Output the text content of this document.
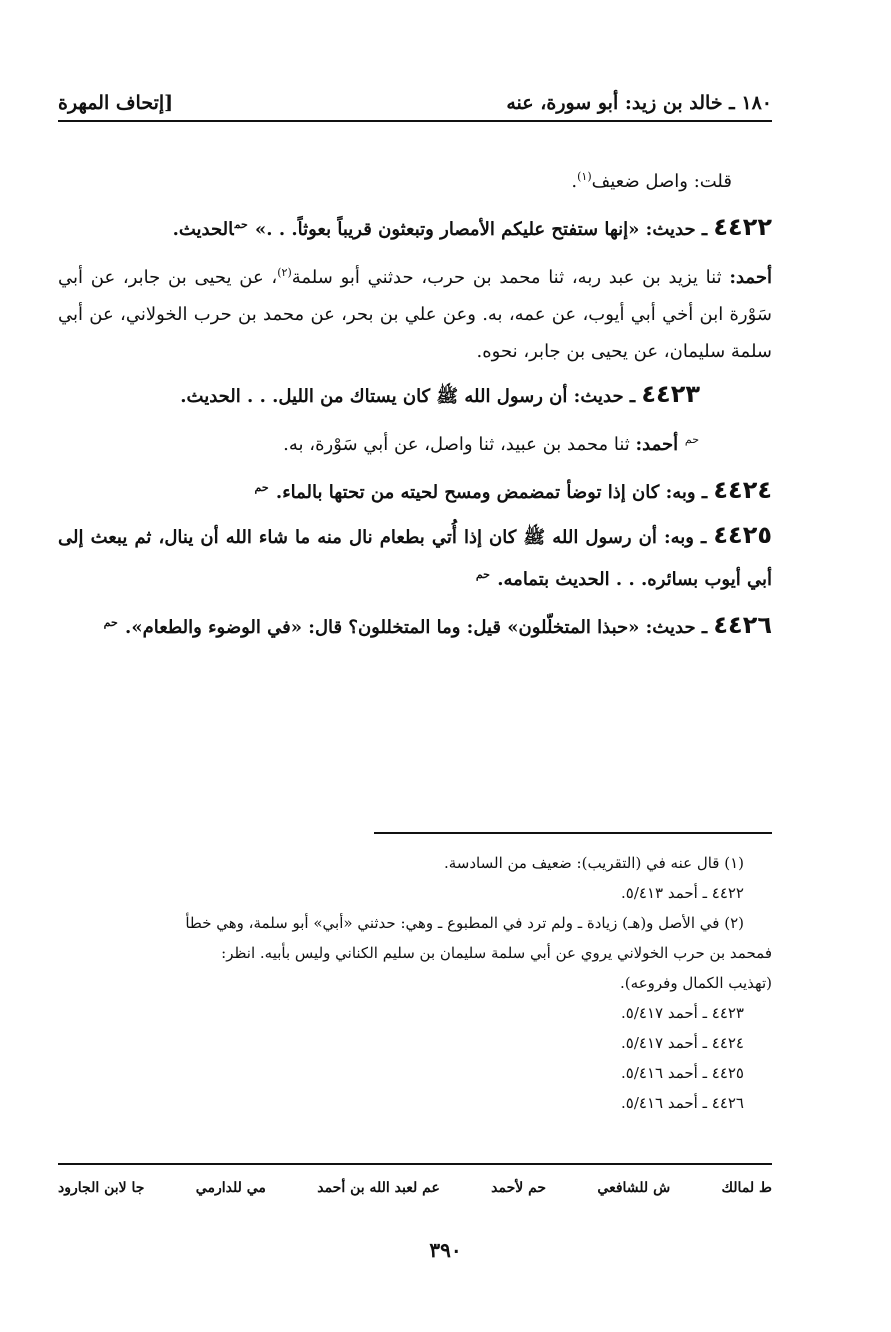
١٨٠ ـ خالد بن زيد: أبو سورة، عنه
[إتحاف المهرة

قلت: واصل ضعيف$^{(١)}$.

٤٤٢٢ ـ حديث: «إنها ستفتح عليكم الأمصار وتبعثون قريباً بعوثاً. . .» $^{حم}$الحديث.

أحمد: ثنا يزيد بن عبد ربه، ثنا محمد بن حرب، حدثني أبو سلمة$^{(٢)}$، عن يحيى بن جابر، عن أبي سَوْرة ابن أخي أبي أيوب، عن عمه، به. وعن علي بن بحر، عن محمد بن حرب الخولاني، عن أبي سلمة سليمان، عن يحيى بن جابر، نحوه.

٤٤٢٣ ـ حديث: أن رسول الله ﷺ كان يستاك من الليل. . . الحديث.

$^{حم}$ أحمد: ثنا محمد بن عبيد، ثنا واصل، عن أبي سَوْرة، به.

٤٤٢٤ ـ وبه: كان إذا توضأ تمضمض ومسح لحيته من تحتها بالماء. $^{حم}$

٤٤٢٥ ـ وبه: أن رسول الله ﷺ كان إذا أُتي بطعام نال منه ما شاء الله أن ينال، ثم يبعث إلى أبي أيوب بسائره. . . الحديث بتمامه. $^{حم}$

٤٤٢٦ ـ حديث: «حبذا المتخلّلون» قيل: وما المتخللون؟ قال: «في الوضوء والطعام». $^{حم}$

(١) قال عنه في (التقريب): ضعيف من السادسة.

٤٤٢٢ ـ أحمد ٥/٤١٣.

(٢) في الأصل و(هـ) زيادة ـ ولم ترد في المطبوع ـ وهي: حدثني «أبي» أبو سلمة، وهي خطأ

فمحمد بن حرب الخولاني يروي عن أبي سلمة سليمان بن سليم الكناني وليس بأبيه. انظر:

(تهذيب الكمال وفروعه).

٤٤٢٣ ـ أحمد ٥/٤١٧.

٤٤٢٤ ـ أحمد ٥/٤١٧.

٤٤٢٥ ـ أحمد ٥/٤١٦.

٤٤٢٦ ـ أحمد ٥/٤١٦.

ط لمالك
ش للشافعي
حم لأحمد
عم لعبد الله بن أحمد
مي للدارمي
جا لابن الجارود
٣٩٠
